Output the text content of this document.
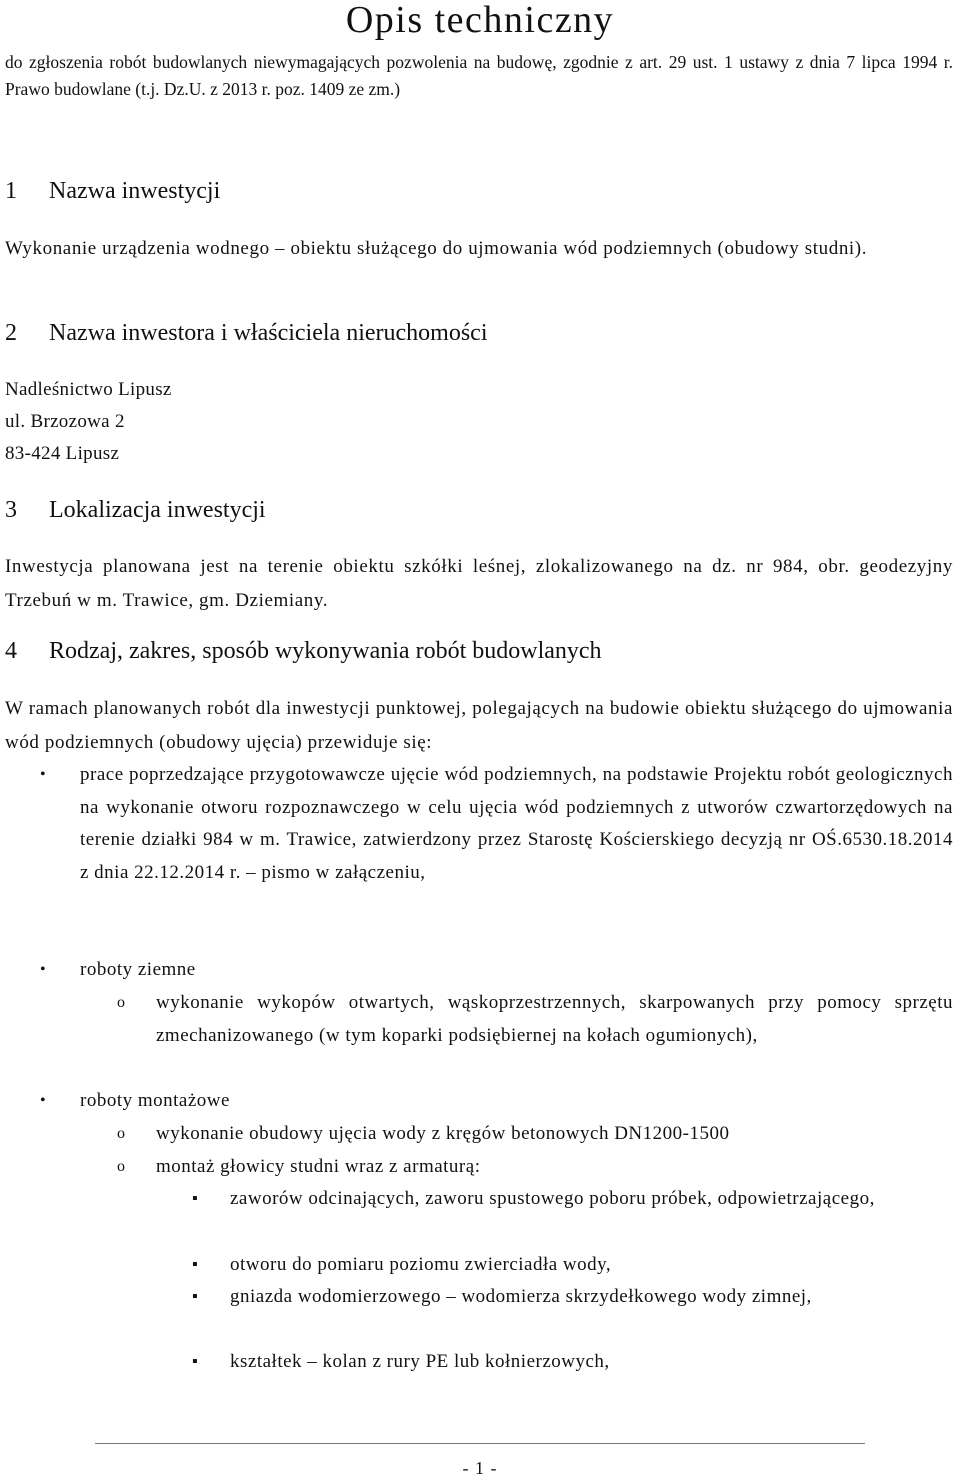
Opis techniczny
do zgłoszenia robót budowlanych niewymagających pozwolenia na budowę, zgodnie z art. 29 ust. 1 ustawy z dnia 7 lipca 1994 r. Prawo budowlane (t.j. Dz.U. z 2013 r. poz. 1409 ze zm.)
1 Nazwa inwestycji

Wykonanie urządzenia wodnego – obiektu służącego do ujmowania wód podziemnych (obudowy studni).

2 Nazwa inwestora i właściciela nieruchomości

Nadleśnictwo Lipusz

ul. Brzozowa 2

83-424 Lipusz

3 Lokalizacja inwestycji

Inwestycja planowana jest na terenie obiektu szkółki leśnej, zlokalizowanego na dz. nr 984, obr. geodezyjny Trzebuń w m. Trawice, gm. Dziemiany.

4 Rodzaj, zakres, sposób wykonywania robót budowlanych

W ramach planowanych robót dla inwestycji punktowej, polegających na budowie obiektu służącego do ujmowania wód podziemnych (obudowy ujęcia) przewiduje się:

• prace poprzedzające przygotowawcze ujęcie wód podziemnych, na podstawie Projektu robót geologicznych na wykonanie otworu rozpoznawczego w celu ujęcia wód podziemnych z utworów czwartorzędowych na terenie działki 984 w m. Trawice, zatwierdzony przez Starostę Kościerskiego decyzją nr OŚ.6530.18.2014 z dnia 22.12.2014 r. – pismo w załączeniu,
• roboty ziemne
o wykonanie wykopów otwartych, wąskoprzestrzennych, skarpowanych przy pomocy sprzętu zmechanizowanego (w tym koparki podsiębiernej na kołach ogumionych),
• roboty montażowe
o wykonanie obudowy ujęcia wody z kręgów betonowych DN1200-1500
o montaż głowicy studni wraz z armaturą:
▪ zaworów odcinających, zaworu spustowego poboru próbek, odpowietrzającego,
▪ otworu do pomiaru poziomu zwierciadła wody,
▪ gniazda wodomierzowego – wodomierza skrzydełkowego wody zimnej,
▪ kształtek – kolan z rury PE lub kołnierzowych,
- 1 -
